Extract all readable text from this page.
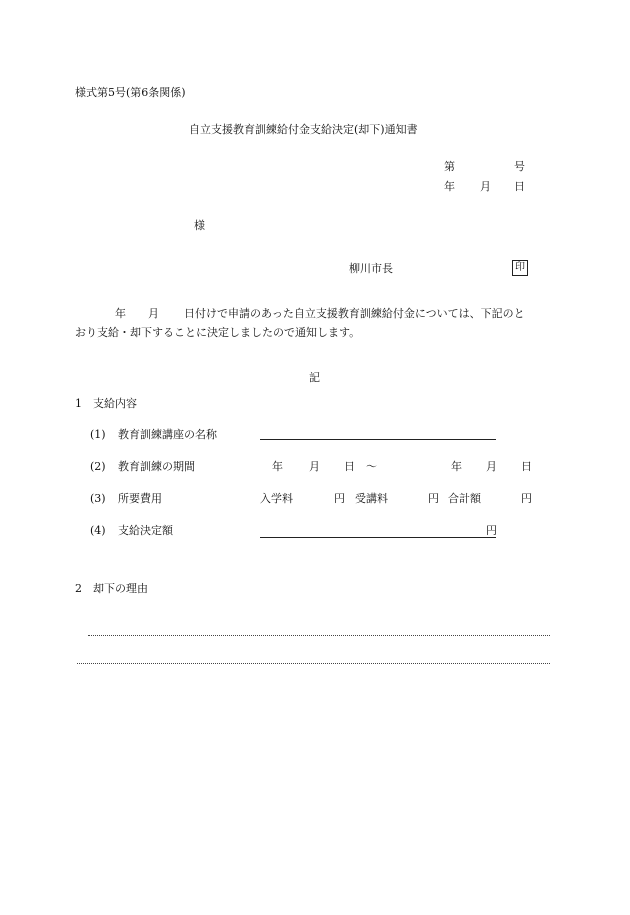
様式第5号(第6条関係)
自立支援教育訓練給付金支給決定(却下)通知書
第	号
年 月 日
様
柳川市長	印
年 月 日付けで申請のあった自立支援教育訓練給付金については、下記のと
おり支給・却下することに決定しましたので通知します。
記
1　支給内容
(1) 教育訓練講座の名称
(2) 教育訓練の期間	年 月 日 〜	年 月 日
(3) 所要費用	入学料	円 受講料	円 合計額	円
(4) 支給決定額	円
2　却下の理由
